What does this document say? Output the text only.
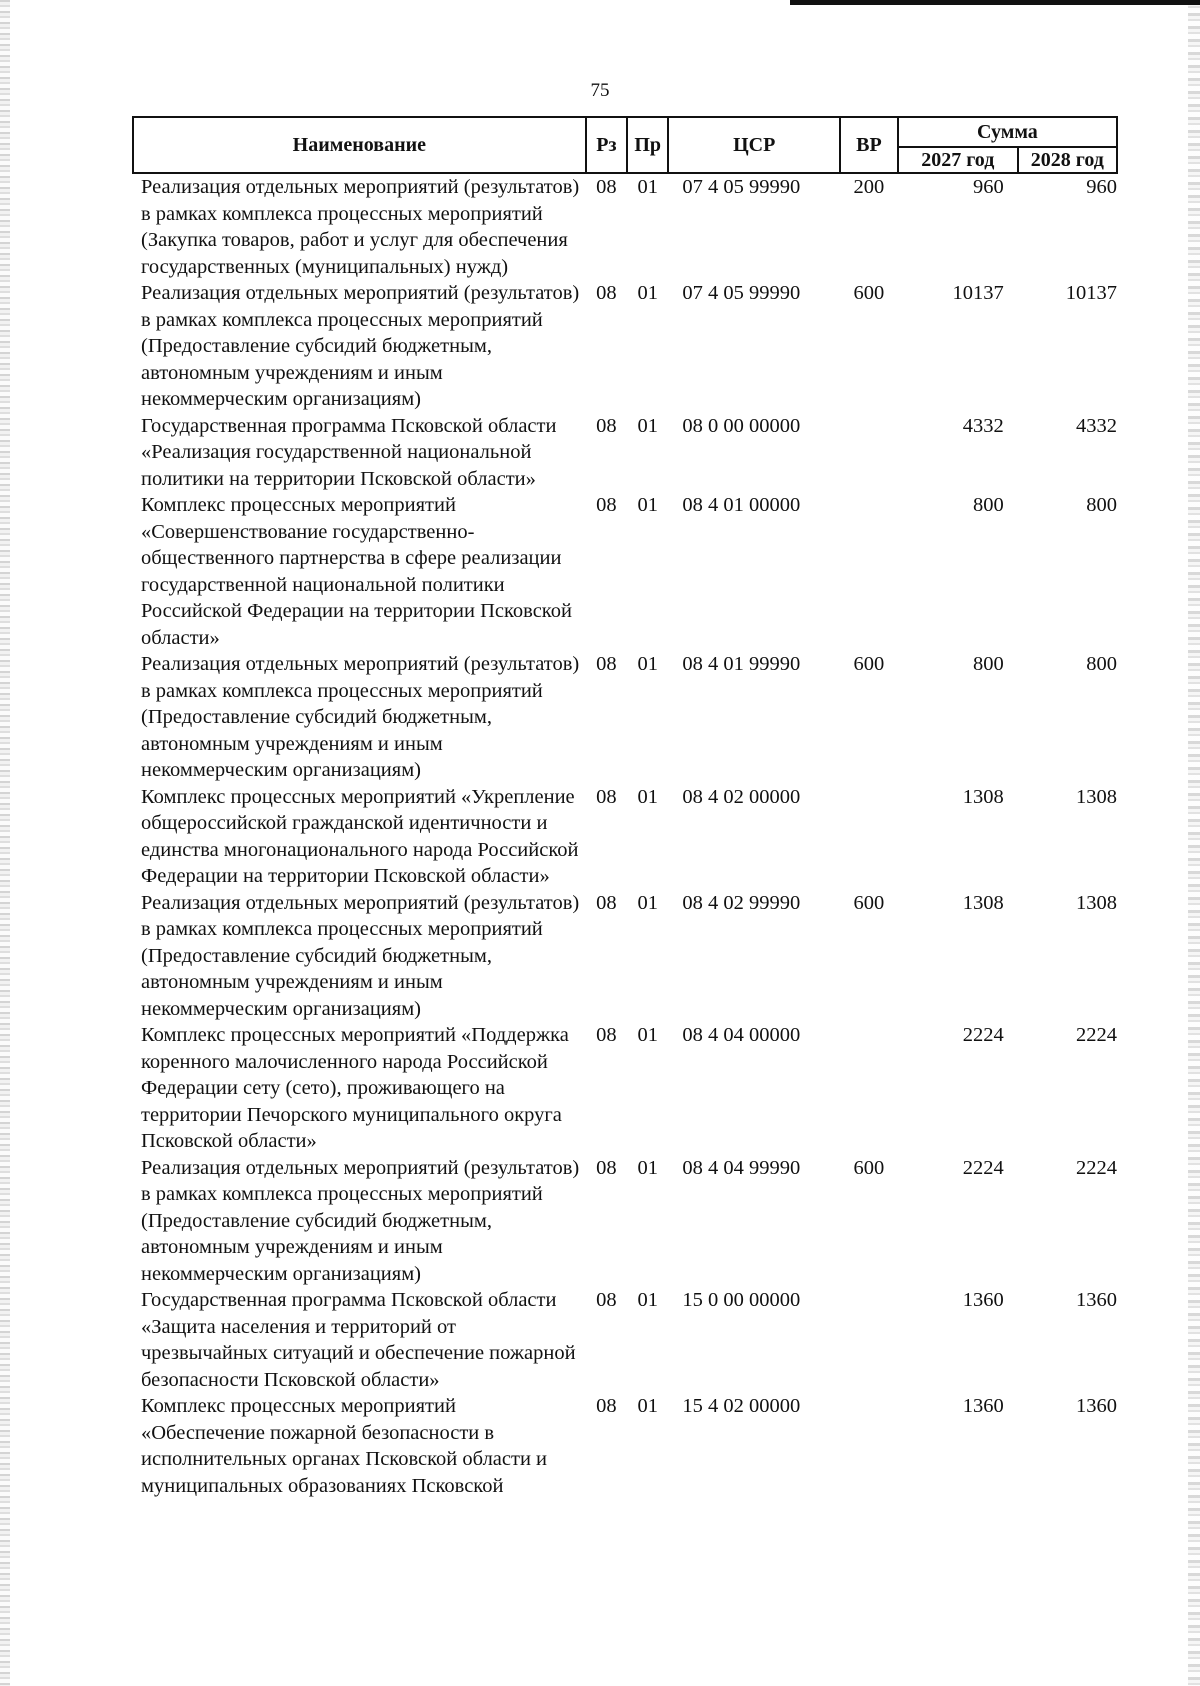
75
Наименование	Рз	Пр	ЦСР	ВР	Сумма	
					2027 год	2028 год
Реализация отдельных мероприятий (результатов) в рамках комплекса процессных мероприятий (Закупка товаров, работ и услуг для обеспечения государственных (муниципальных) нужд)	08	01	07 4 05 99990	200	960	960
Реализация отдельных мероприятий (результатов) в рамках комплекса процессных мероприятий (Предоставление субсидий бюджетным, автономным учреждениям и иным некоммерческим организациям)	08	01	07 4 05 99990	600	10137	10137
Государственная программа Псковской области «Реализация государственной национальной политики на территории Псковской области»	08	01	08 0 00 00000		4332	4332
Комплекс процессных мероприятий «Совершенствование государственно-общественного партнерства в сфере реализации государственной национальной политики Российской Федерации на территории Псковской области»	08	01	08 4 01 00000		800	800
Реализация отдельных мероприятий (результатов) в рамках комплекса процессных мероприятий (Предоставление субсидий бюджетным, автономным учреждениям и иным некоммерческим организациям)	08	01	08 4 01 99990	600	800	800
Комплекс процессных мероприятий «Укрепление общероссийской гражданской идентичности и единства многонационального народа Российской Федерации на территории Псковской области»	08	01	08 4 02 00000		1308	1308
Реализация отдельных мероприятий (результатов) в рамках комплекса процессных мероприятий (Предоставление субсидий бюджетным, автономным учреждениям и иным некоммерческим организациям)	08	01	08 4 02 99990	600	1308	1308
Комплекс процессных мероприятий «Поддержка коренного малочисленного народа Российской Федерации сету (сето), проживающего на территории Печорского муниципального округа Псковской области»	08	01	08 4 04 00000		2224	2224
Реализация отдельных мероприятий (результатов) в рамках комплекса процессных мероприятий (Предоставление субсидий бюджетным, автономным учреждениям и иным некоммерческим организациям)	08	01	08 4 04 99990	600	2224	2224
Государственная программа Псковской области «Защита населения и территорий от чрезвычайных ситуаций и обеспечение пожарной безопасности Псковской области»	08	01	15 0 00 00000		1360	1360
Комплекс процессных мероприятий «Обеспечение пожарной безопасности в исполнительных органах Псковской области и муниципальных образованиях Псковской	08	01	15 4 02 00000		1360	1360
